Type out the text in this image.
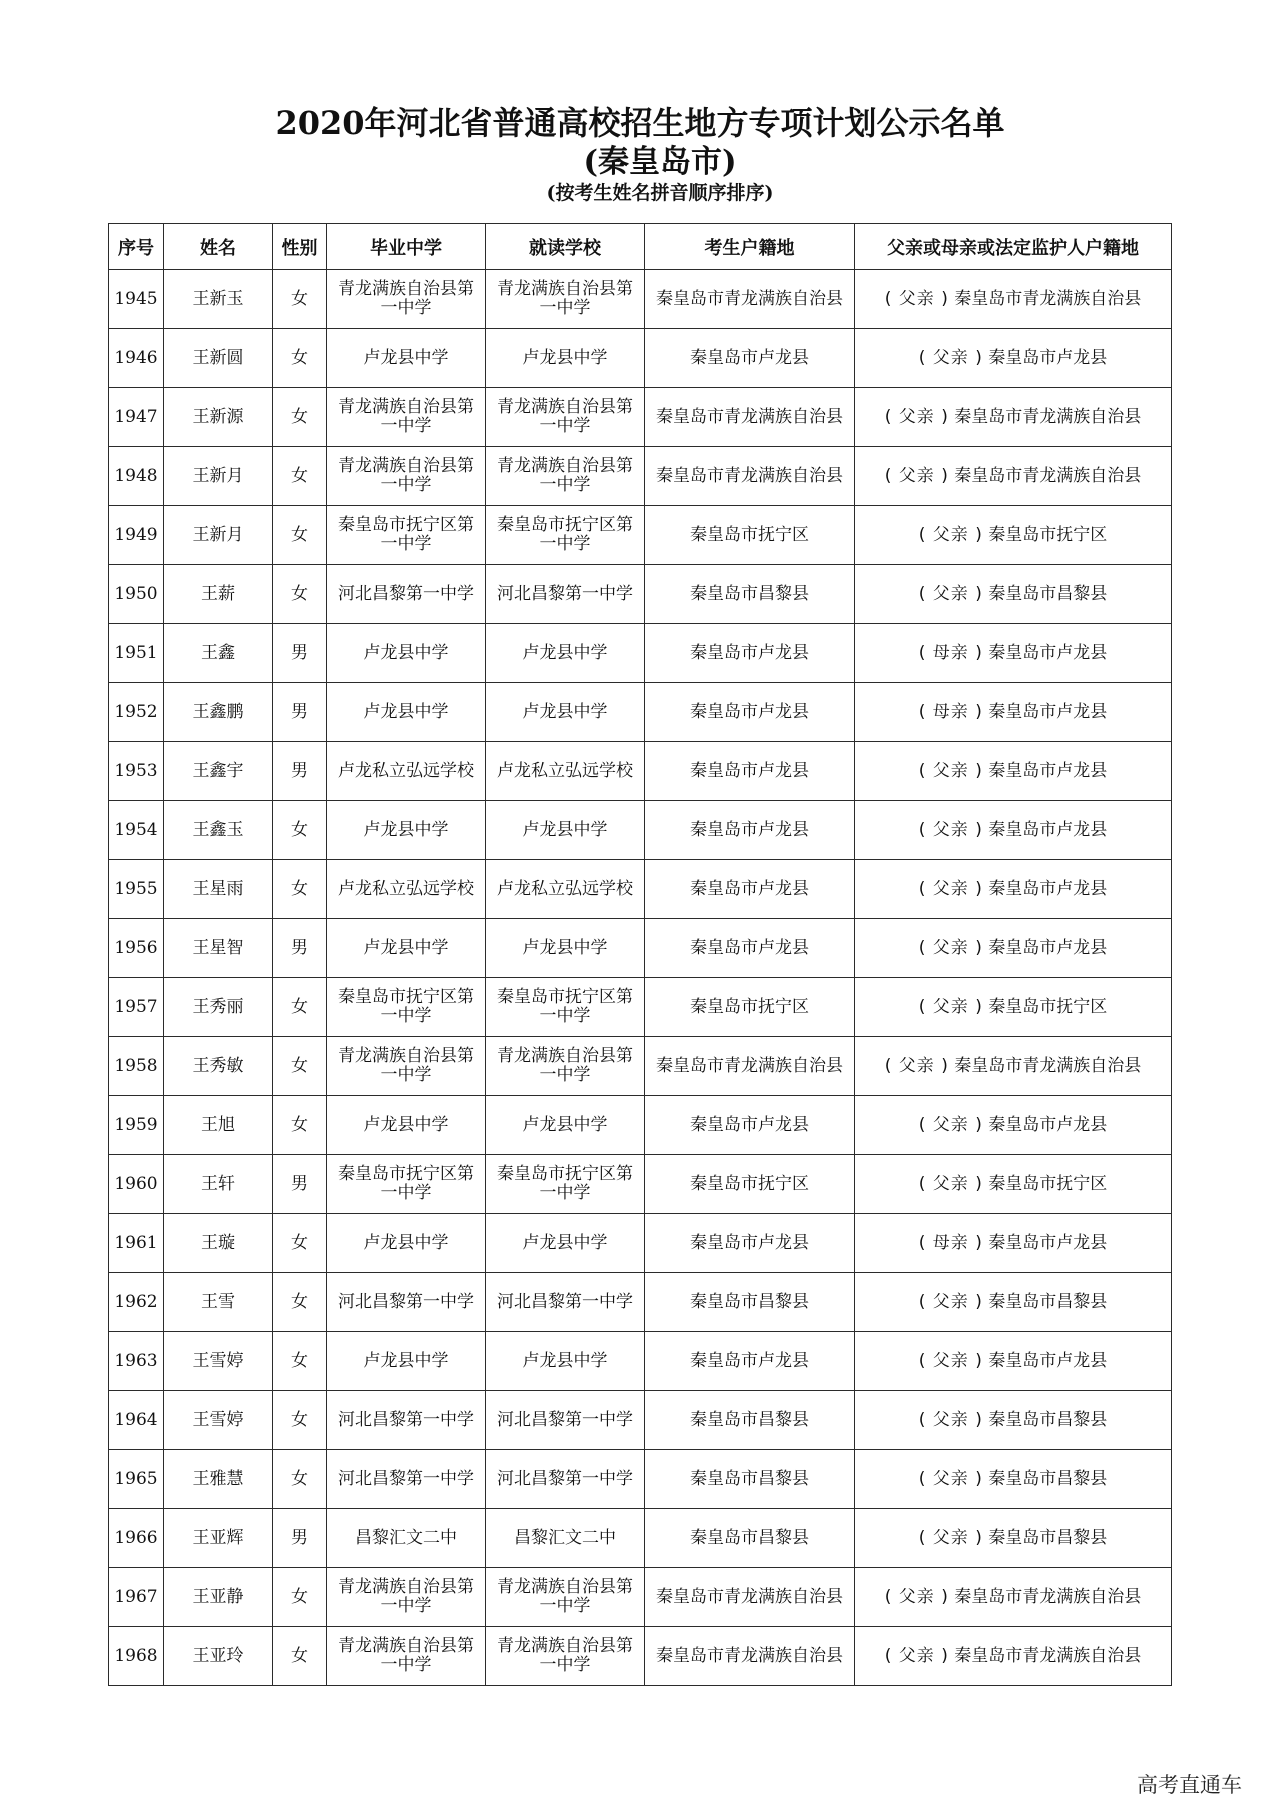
2020年河北省普通高校招生地方专项计划公示名单
(秦皇岛市)
(按考生姓名拼音顺序排序)
序号	姓名	性别	毕业中学	就读学校	考生户籍地	父亲或母亲或法定监护人户籍地
1945	王新玉	女	青龙满族自治县第一中学	青龙满族自治县第一中学	秦皇岛市青龙满族自治县	( 父亲 ) 秦皇岛市青龙满族自治县
1946	王新圆	女	卢龙县中学	卢龙县中学	秦皇岛市卢龙县	( 父亲 ) 秦皇岛市卢龙县
1947	王新源	女	青龙满族自治县第一中学	青龙满族自治县第一中学	秦皇岛市青龙满族自治县	( 父亲 ) 秦皇岛市青龙满族自治县
1948	王新月	女	青龙满族自治县第一中学	青龙满族自治县第一中学	秦皇岛市青龙满族自治县	( 父亲 ) 秦皇岛市青龙满族自治县
1949	王新月	女	秦皇岛市抚宁区第一中学	秦皇岛市抚宁区第一中学	秦皇岛市抚宁区	( 父亲 ) 秦皇岛市抚宁区
1950	王薪	女	河北昌黎第一中学	河北昌黎第一中学	秦皇岛市昌黎县	( 父亲 ) 秦皇岛市昌黎县
1951	王鑫	男	卢龙县中学	卢龙县中学	秦皇岛市卢龙县	( 母亲 ) 秦皇岛市卢龙县
1952	王鑫鹏	男	卢龙县中学	卢龙县中学	秦皇岛市卢龙县	( 母亲 ) 秦皇岛市卢龙县
1953	王鑫宇	男	卢龙私立弘远学校	卢龙私立弘远学校	秦皇岛市卢龙县	( 父亲 ) 秦皇岛市卢龙县
1954	王鑫玉	女	卢龙县中学	卢龙县中学	秦皇岛市卢龙县	( 父亲 ) 秦皇岛市卢龙县
1955	王星雨	女	卢龙私立弘远学校	卢龙私立弘远学校	秦皇岛市卢龙县	( 父亲 ) 秦皇岛市卢龙县
1956	王星智	男	卢龙县中学	卢龙县中学	秦皇岛市卢龙县	( 父亲 ) 秦皇岛市卢龙县
1957	王秀丽	女	秦皇岛市抚宁区第一中学	秦皇岛市抚宁区第一中学	秦皇岛市抚宁区	( 父亲 ) 秦皇岛市抚宁区
1958	王秀敏	女	青龙满族自治县第一中学	青龙满族自治县第一中学	秦皇岛市青龙满族自治县	( 父亲 ) 秦皇岛市青龙满族自治县
1959	王旭	女	卢龙县中学	卢龙县中学	秦皇岛市卢龙县	( 父亲 ) 秦皇岛市卢龙县
1960	王轩	男	秦皇岛市抚宁区第一中学	秦皇岛市抚宁区第一中学	秦皇岛市抚宁区	( 父亲 ) 秦皇岛市抚宁区
1961	王璇	女	卢龙县中学	卢龙县中学	秦皇岛市卢龙县	( 母亲 ) 秦皇岛市卢龙县
1962	王雪	女	河北昌黎第一中学	河北昌黎第一中学	秦皇岛市昌黎县	( 父亲 ) 秦皇岛市昌黎县
1963	王雪婷	女	卢龙县中学	卢龙县中学	秦皇岛市卢龙县	( 父亲 ) 秦皇岛市卢龙县
1964	王雪婷	女	河北昌黎第一中学	河北昌黎第一中学	秦皇岛市昌黎县	( 父亲 ) 秦皇岛市昌黎县
1965	王雅慧	女	河北昌黎第一中学	河北昌黎第一中学	秦皇岛市昌黎县	( 父亲 ) 秦皇岛市昌黎县
1966	王亚辉	男	昌黎汇文二中	昌黎汇文二中	秦皇岛市昌黎县	( 父亲 ) 秦皇岛市昌黎县
1967	王亚静	女	青龙满族自治县第一中学	青龙满族自治县第一中学	秦皇岛市青龙满族自治县	( 父亲 ) 秦皇岛市青龙满族自治县
1968	王亚玲	女	青龙满族自治县第一中学	青龙满族自治县第一中学	秦皇岛市青龙满族自治县	( 父亲 ) 秦皇岛市青龙满族自治县
高考直通车
